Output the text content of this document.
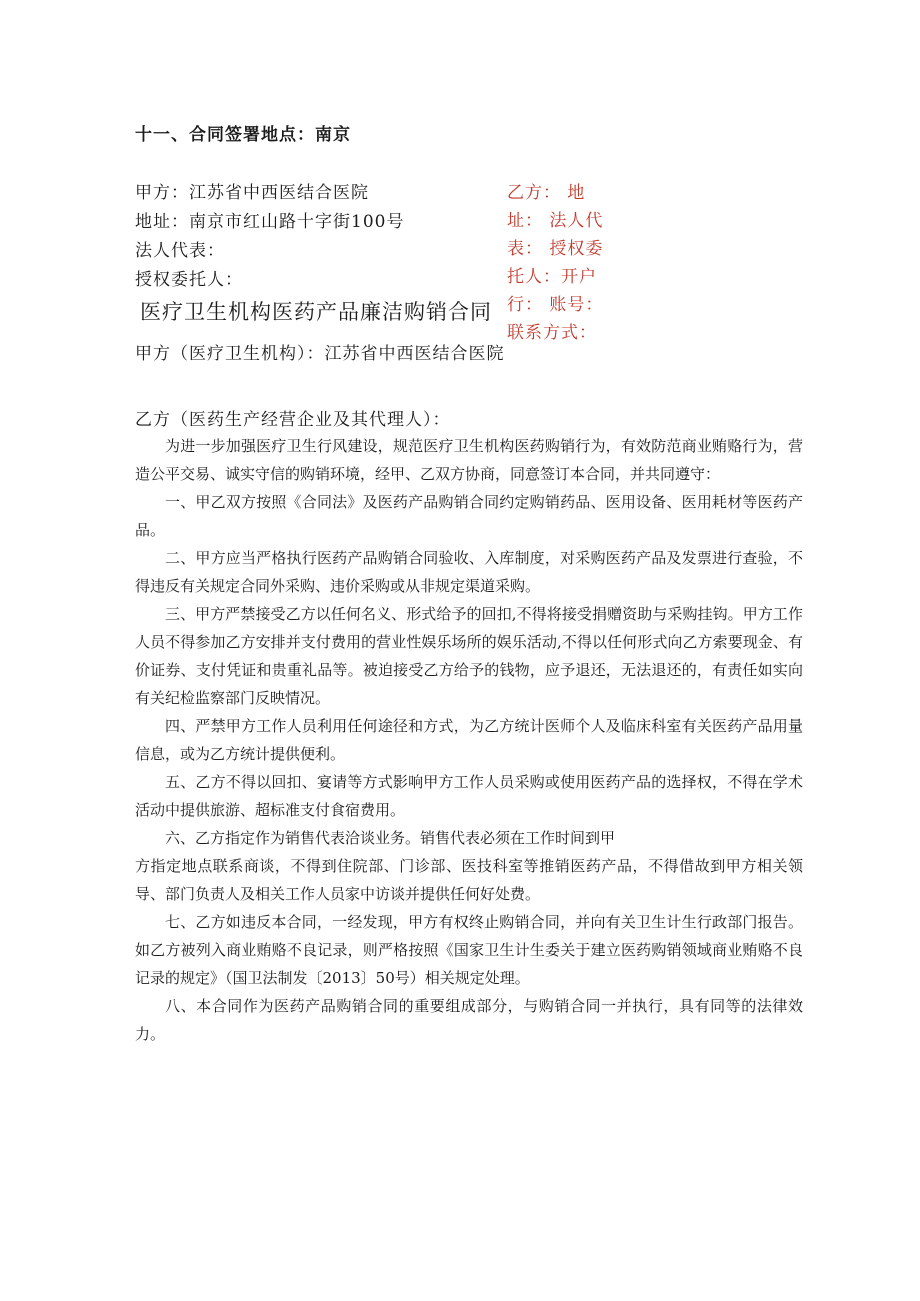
十一、合同签署地点：南京
甲方：江苏省中西医结合医院
地址：南京市红山路十字街100号
法人代表：
授权委托人：
乙方： 地
址： 法人代
表： 授权委
托人：开户
行： 账号：
联系方式：
医疗卫生机构医药产品廉洁购销合同
甲方（医疗卫生机构）：江苏省中西医结合医院
乙方（医药生产经营企业及其代理人）：

为进一步加强医疗卫生行风建设，规范医疗卫生机构医药购销行为，有效防范商业贿赂行为，营造公平交易、诚实守信的购销环境，经甲、乙双方协商，同意签订本合同，并共同遵守：

一、甲乙双方按照《合同法》及医药产品购销合同约定购销药品、医用设备、医用耗材等医药产品。

二、甲方应当严格执行医药产品购销合同验收、入库制度，对采购医药产品及发票进行查验，不得违反有关规定合同外采购、违价采购或从非规定渠道采购。

三、甲方严禁接受乙方以任何名义、形式给予的回扣,不得将接受捐赠资助与采购挂钩。甲方工作人员不得参加乙方安排并支付费用的营业性娱乐场所的娱乐活动,不得以任何形式向乙方索要现金、有价证券、支付凭证和贵重礼品等。被迫接受乙方给予的钱物，应予退还，无法退还的，有责任如实向有关纪检监察部门反映情况。

四、严禁甲方工作人员利用任何途径和方式，为乙方统计医师个人及临床科室有关医药产品用量信息，或为乙方统计提供便利。

五、乙方不得以回扣、宴请等方式影响甲方工作人员采购或使用医药产品的选择权，不得在学术活动中提供旅游、超标准支付食宿费用。

六、乙方指定作为销售代表洽谈业务。销售代表必须在工作时间到甲

方指定地点联系商谈，不得到住院部、门诊部、医技科室等推销医药产品，不得借故到甲方相关领导、部门负责人及相关工作人员家中访谈并提供任何好处费。

七、乙方如违反本合同，一经发现，甲方有权终止购销合同，并向有关卫生计生行政部门报告。如乙方被列入商业贿赂不良记录，则严格按照《国家卫生计生委关于建立医药购销领域商业贿赂不良记录的规定》（国卫法制发〔2013〕50号）相关规定处理。

八、本合同作为医药产品购销合同的重要组成部分，与购销合同一并执行，具有同等的法律效力。
